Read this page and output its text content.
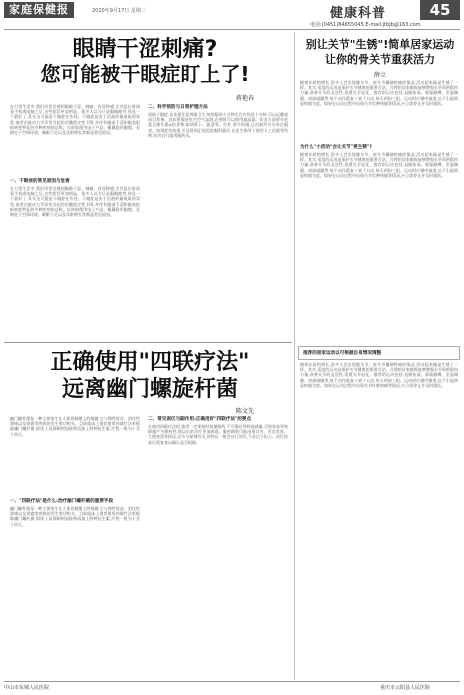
家庭保健报	2020年9月17日 星期三	健康科普	45
电话:(0451)84655045 E-mail:jtbjb@163.com
眼睛干涩刺痛?
您可能被干眼症盯上了!
蒋艳春
一、干眼症的常见原因与危害
在日常生活中,我们经常会感到眼睛干涩、刺痛、有异物感,尤其是长时间看手机或电脑之后,这些症状更加明显。很多人以为只是眼睛疲劳,休息一下就好了,其实这可能是干眼症在作怪。干眼症是由于泪液的量或质的异常,或者泪液动力学异常引起的泪膜稳定性下降,并伴有眼部不适和眼表组织病变特征的多种疾病的总称。长时间使用电子产品、佩戴隐形眼镜、长期处于空调环境、睡眠不足以及年龄增长等都是常见原因。
在日常生活中,我们经常会感到眼睛干涩、刺痛、有异物感,尤其是长时间看手机或电脑之后,这些症状更加明显。很多人以为只是眼睛疲劳,休息一下就好了,其实这可能是干眼症在作怪。干眼症是由于泪液的量或质的异常,或者泪液动力学异常引起的泪膜稳定性下降,并伴有眼部不适和眼表组织病变特征的多种疾病的总称。长时间使用电子产品、佩戴隐形眼镜、长期处于空调环境、睡眠不足以及年龄增长等都是常见原因。
二、科学预防与日常护理方法
预防干眼症,首先要注意用眼卫生,每用眼四十分钟左右应休息十分钟,可以远眺或闭目养神。其次要保持室内空气湿润,必要时可以使用加湿器。饮食方面要多吃富含维生素A的食物,如胡萝卜、菠菜等。另外,要多眨眼,让泪液均匀分布在眼表。如果症状较重,应及时到正规医院眼科就诊,在医生指导下使用人工泪液等药物,切勿自行滥用眼药水。
正确使用"四联疗法"
远离幽门螺旋杆菌
陈文先
幽门螺杆菌是一种主要寄生在人体胃黏膜上的细菌,它与慢性胃炎、消化性溃疡以及胃癌等疾病的发生密切相关。目前临床上推荐使用四联疗法来根除幽门螺杆菌,即质子泵抑制剂加铋剂再加上两种抗生素,疗程一般为十至十四天。
一、"四联疗法"是什么:治疗幽门螺杆菌的重要手段
幽门螺杆菌是一种主要寄生在人体胃黏膜上的细菌,它与慢性胃炎、消化性溃疡以及胃癌等疾病的发生密切相关。目前临床上推荐使用四联疗法来根除幽门螺杆菌,即质子泵抑制剂加铋剂再加上两种抗生素,疗程一般为十至十四天。
二、常见误区与副作用:正确用好"四联疗法"的要点
在使用四联疗法时,患者一定要按时按量服药,不可擅自停药或减量,否则容易导致细菌产生耐药性,使以后的治疗更加困难。服药期间可能出现口苦、舌苔发黑、大便变黑等情况,这多与铋剂有关,停药后一般会自行消失,不必过于担心。治疗结束后需复查以确认是否根除。
别让关节"生锈"!简单居家运动
让你的骨关节重获活力
薛立
随着年龄的增长,很多人会出现膝关节、肩关节僵硬疼痛的情况,活动起来像是生锈了一样。其实,适度的运动是保护关节健康的重要方法。合理的居家锻炼能够增强关节周围肌肉力量,改善关节的灵活性,延缓关节退化。推荐的运动包括:直腿抬高、靠墙静蹲、坐姿踢腿、肩部画圈等,每个动作重复十到十五次,每天两到三组。运动时应循序渐进,以不引起明显疼痛为度。如果在运动过程中出现关节红肿热痛等情况,应立即停止并及时就医。
为什么"小活动"会让关节"更生锈"?
随着年龄的增长,很多人会出现膝关节、肩关节僵硬疼痛的情况,活动起来像是生锈了一样。其实,适度的运动是保护关节健康的重要方法。合理的居家锻炼能够增强关节周围肌肉力量,改善关节的灵活性,延缓关节退化。推荐的运动包括:直腿抬高、靠墙静蹲、坐姿踢腿、肩部画圈等,每个动作重复十到十五次,每天两到三组。运动时应循序渐进,以不引起明显疼痛为度。如果在运动过程中出现关节红肿热痛等情况,应立即停止并及时就医。
推荐的居家运动以可根据自身情况调整
随着年龄的增长,很多人会出现膝关节、肩关节僵硬疼痛的情况,活动起来像是生锈了一样。其实,适度的运动是保护关节健康的重要方法。合理的居家锻炼能够增强关节周围肌肉力量,改善关节的灵活性,延缓关节退化。推荐的运动包括:直腿抬高、靠墙静蹲、坐姿踢腿、肩部画圈等,每个动作重复十到十五次,每天两到三组。运动时应循序渐进,以不引起明显疼痛为度。如果在运动过程中出现关节红肿热痛等情况,应立即停止并及时就医。
中山市东城人民医院	重庆市云阳县人民医院
